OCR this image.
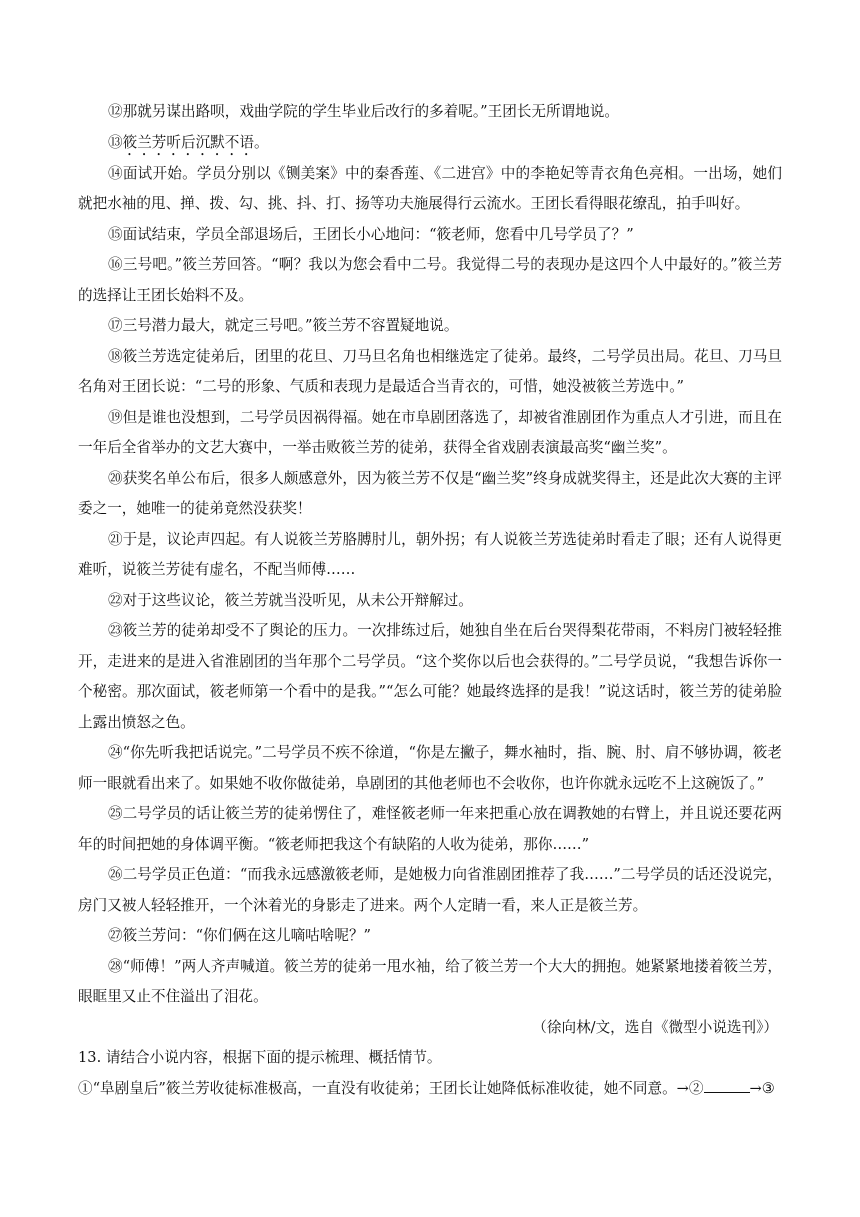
⑫那就另谋出路呗，戏曲学院的学生毕业后改行的多着呢。”王团长无所谓地说。

⑬筱兰芳听后沉默不语。

⑭面试开始。学员分别以《铡美案》中的秦香莲、《二进宫》中的李艳妃等青衣角色亮相。一出场，她们就把水袖的甩、掸、拨、勾、挑、抖、打、扬等功夫施展得行云流水。王团长看得眼花缭乱，拍手叫好。

⑮面试结束，学员全部退场后，王团长小心地问：“筱老师，您看中几号学员了？”

⑯三号吧。”筱兰芳回答。“啊？我以为您会看中二号。我觉得二号的表现办是这四个人中最好的。”筱兰芳的选择让王团长始料不及。

⑰三号潜力最大，就定三号吧。”筱兰芳不容置疑地说。

⑱筱兰芳选定徒弟后，团里的花旦、刀马旦名角也相继选定了徒弟。最终，二号学员出局。花旦、刀马旦名角对王团长说：“二号的形象、气质和表现力是最适合当青衣的，可惜，她没被筱兰芳选中。”

⑲但是谁也没想到，二号学员因祸得福。她在市阜剧团落选了，却被省淮剧团作为重点人才引进，而且在一年后全省举办的文艺大赛中，一举击败筱兰芳的徒弟，获得全省戏剧表演最高奖“幽兰奖”。

⑳获奖名单公布后，很多人颇感意外，因为筱兰芳不仅是“幽兰奖”终身成就奖得主，还是此次大赛的主评委之一，她唯一的徒弟竟然没获奖！

㉑于是，议论声四起。有人说筱兰芳胳膊肘儿，朝外拐；有人说筱兰芳选徒弟时看走了眼；还有人说得更难听，说筱兰芳徒有虚名，不配当师傅……

㉒对于这些议论，筱兰芳就当没听见，从未公开辩解过。

㉓筱兰芳的徒弟却受不了舆论的压力。一次排练过后，她独自坐在后台哭得梨花带雨，不料房门被轻轻推开，走进来的是进入省淮剧团的当年那个二号学员。“这个奖你以后也会获得的。”二号学员说，“我想告诉你一个秘密。那次面试，筱老师第一个看中的是我。”“怎么可能？她最终选择的是我！”说这话时，筱兰芳的徒弟脸上露出愤怒之色。

㉔“你先听我把话说完。”二号学员不疾不徐道，“你是左撇子，舞水袖时，指、腕、肘、肩不够协调，筱老师一眼就看出来了。如果她不收你做徒弟，阜剧团的其他老师也不会收你，也许你就永远吃不上这碗饭了。”

㉕二号学员的话让筱兰芳的徒弟愣住了，难怪筱老师一年来把重心放在调教她的右臂上，并且说还要花两年的时间把她的身体调平衡。“筱老师把我这个有缺陷的人收为徒弟，那你……”

㉖二号学员正色道：“而我永远感激筱老师，是她极力向省淮剧团推荐了我……”二号学员的话还没说完，房门又被人轻轻推开，一个沐着光的身影走了进来。两个人定睛一看，来人正是筱兰芳。

㉗筱兰芳问：“你们俩在这儿嘀咕啥呢？”

㉘“师傅！”两人齐声喊道。筱兰芳的徒弟一甩水袖，给了筱兰芳一个大大的拥抱。她紧紧地搂着筱兰芳，眼眶里又止不住溢出了泪花。

（徐向林/文，选自《微型小说选刊》）

13. 请结合小说内容，根据下面的提示梳理、概括情节。

①“阜剧皇后”筱兰芳收徒标准极高，一直没有收徒弟；王团长让她降低标准收徒，她不同意。→②	→③
